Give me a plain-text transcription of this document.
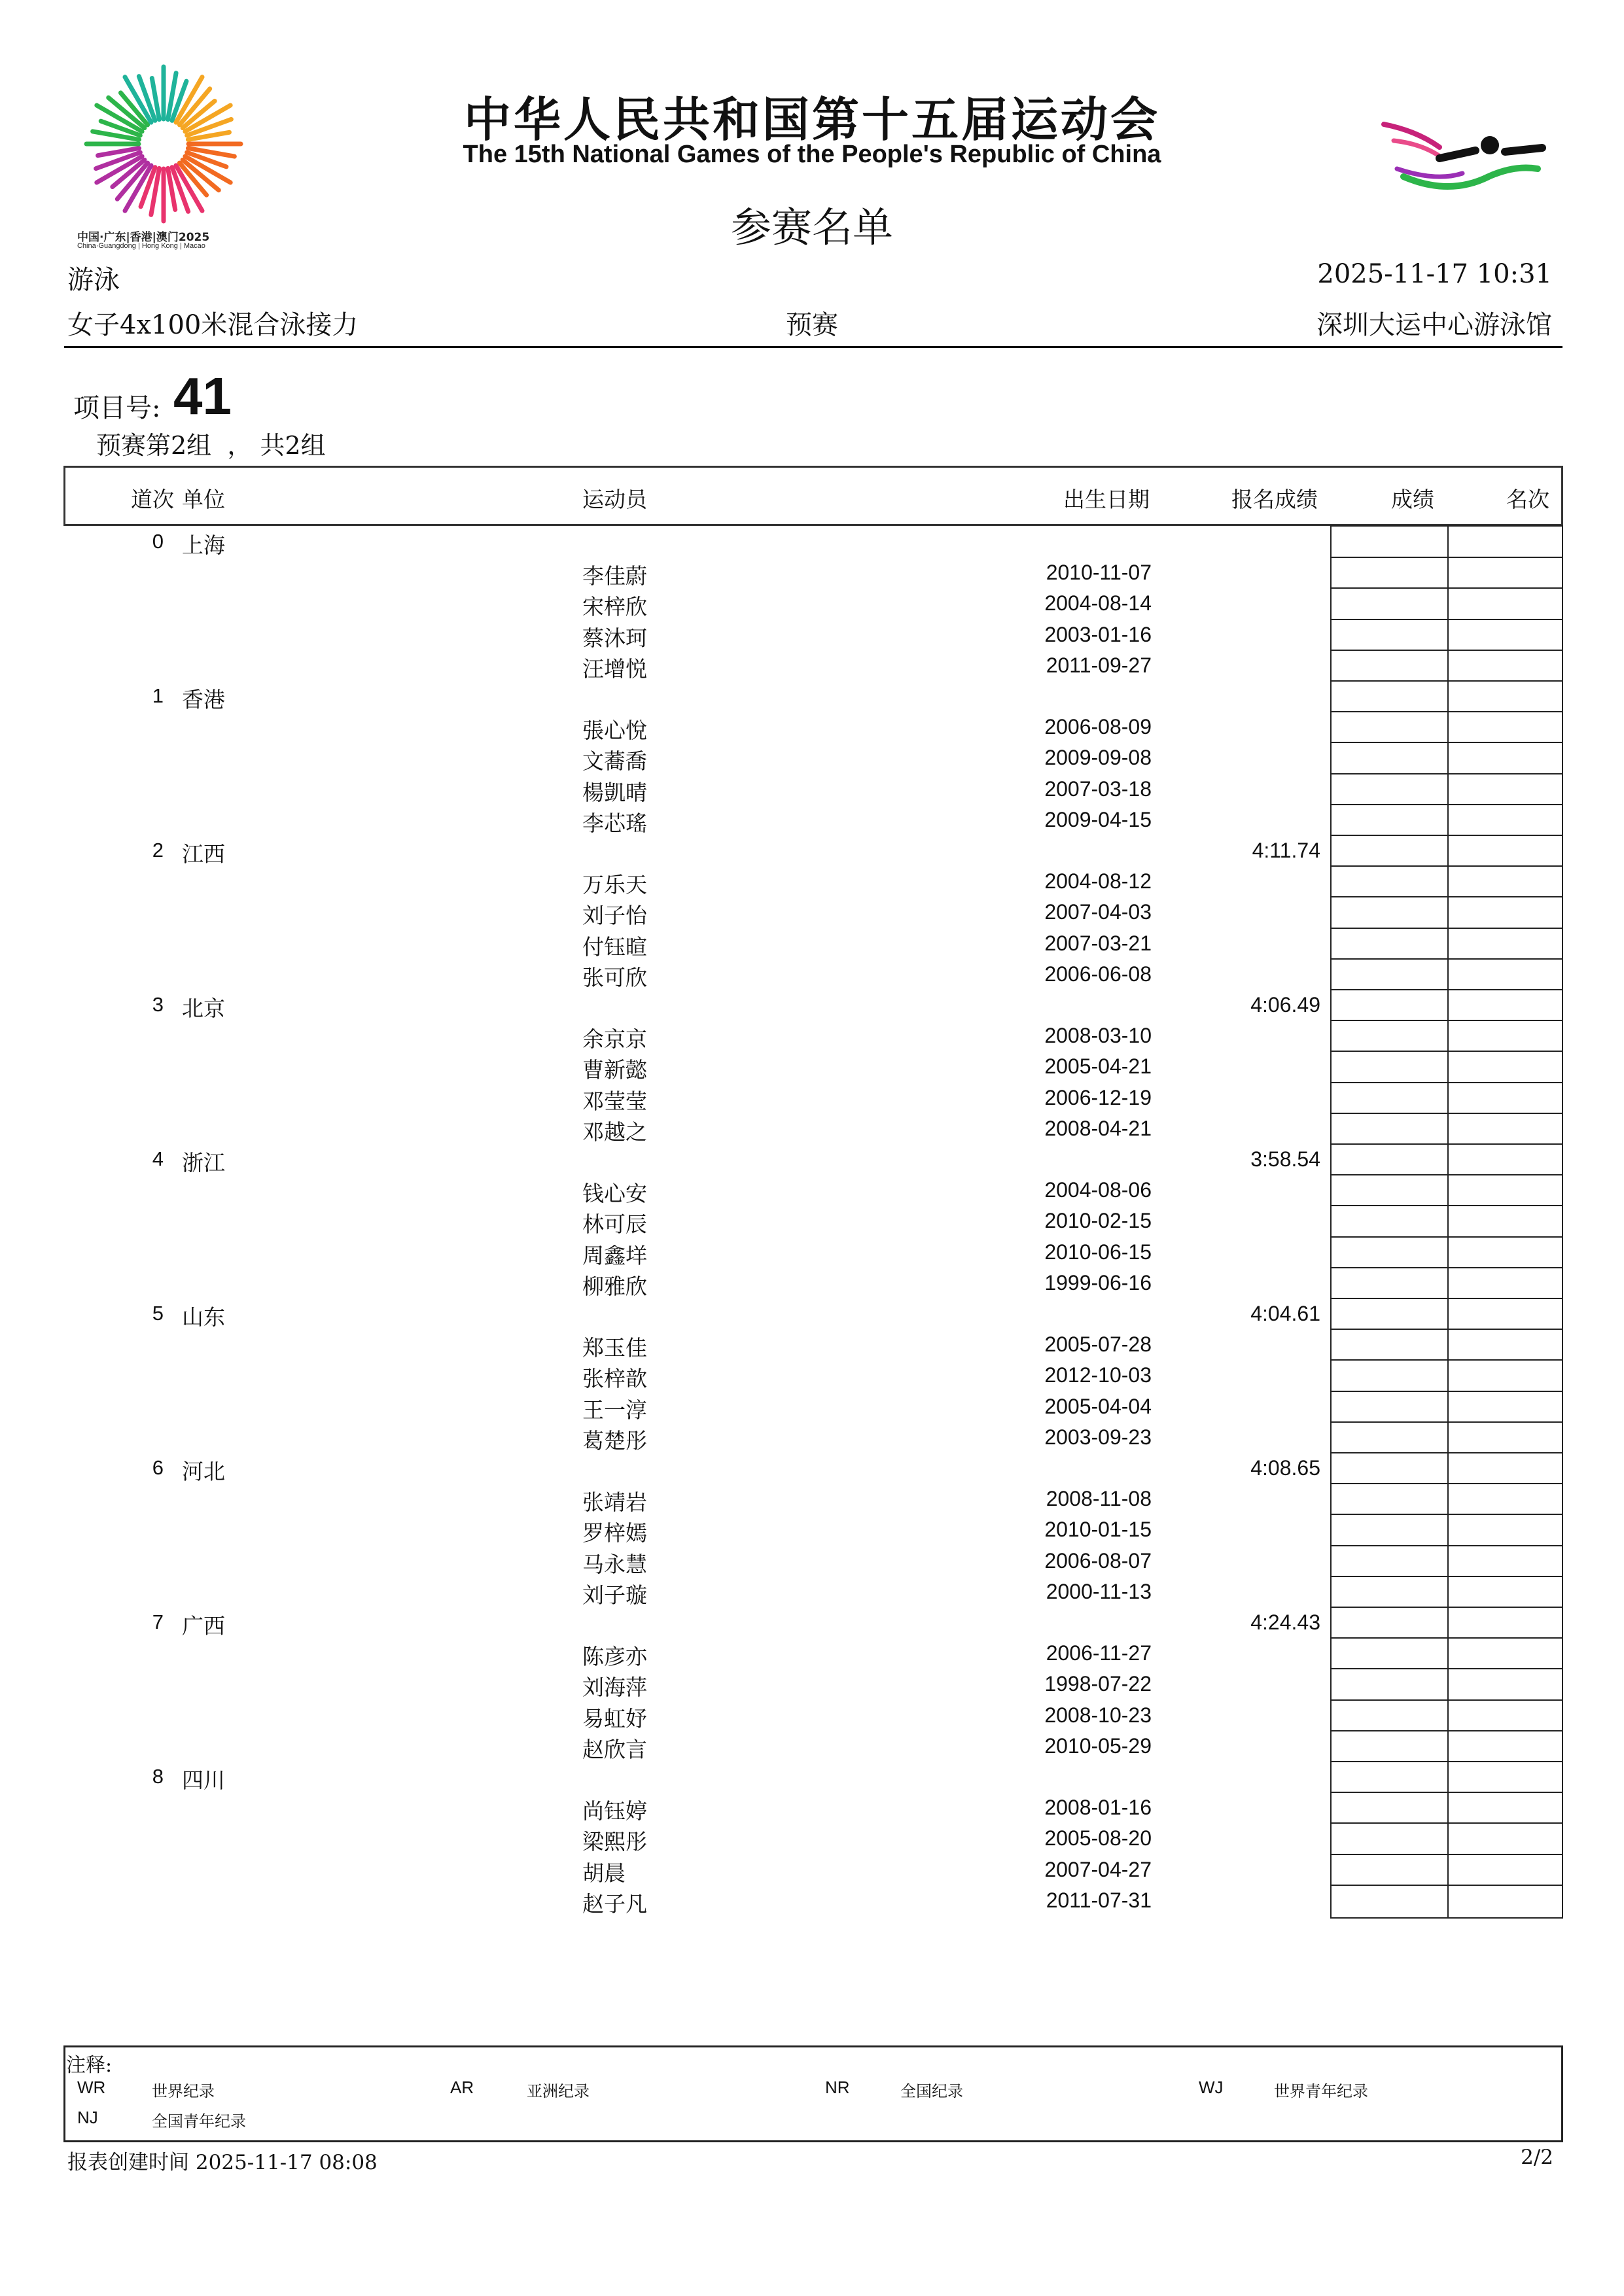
中国·广东|香港|澳门2025
China·Guangdong | Hong Kong | Macao
中华人民共和国第十五届运动会
The 15th National Games of the People's Republic of China
参赛名单
游泳	2025-11-17 10:31
女子4x100米混合泳接力	预赛	深圳大运中心游泳馆
项目号: 41
预赛第2组  ， 共2组
道次 单位	运动员	出生日期	报名成绩	成绩	名次
0 上海
李佳蔚	2010-11-07
宋梓欣	2004-08-14
蔡沐珂	2003-01-16
汪增悦	2011-09-27
1 香港
張心悅	2006-08-09
文蕎喬	2009-09-08
楊凱晴	2007-03-18
李芯瑤	2009-04-15
2 江西	4:11.74
万乐天	2004-08-12
刘子怡	2007-04-03
付钰暄	2007-03-21
张可欣	2006-06-08
3 北京	4:06.49
余京京	2008-03-10
曹新懿	2005-04-21
邓莹莹	2006-12-19
邓越之	2008-04-21
4 浙江	3:58.54
钱心安	2004-08-06
林可辰	2010-02-15
周鑫垟	2010-06-15
柳雅欣	1999-06-16
5 山东	4:04.61
郑玉佳	2005-07-28
张梓歆	2012-10-03
王一淳	2005-04-04
葛楚彤	2003-09-23
6 河北	4:08.65
张靖岩	2008-11-08
罗梓嫣	2010-01-15
马永慧	2006-08-07
刘子璇	2000-11-13
7 广西	4:24.43
陈彦亦	2006-11-27
刘海萍	1998-07-22
易虹妤	2008-10-23
赵欣言	2010-05-29
8 四川
尚钰婷	2008-01-16
梁熙彤	2005-08-20
胡晨	2007-04-27
赵子凡	2011-07-31
注释:
WR	世界纪录	AR	亚洲纪录	NR	全国纪录	WJ	世界青年纪录
NJ	全国青年纪录
报表创建时间 2025-11-17 08:08	2/2
